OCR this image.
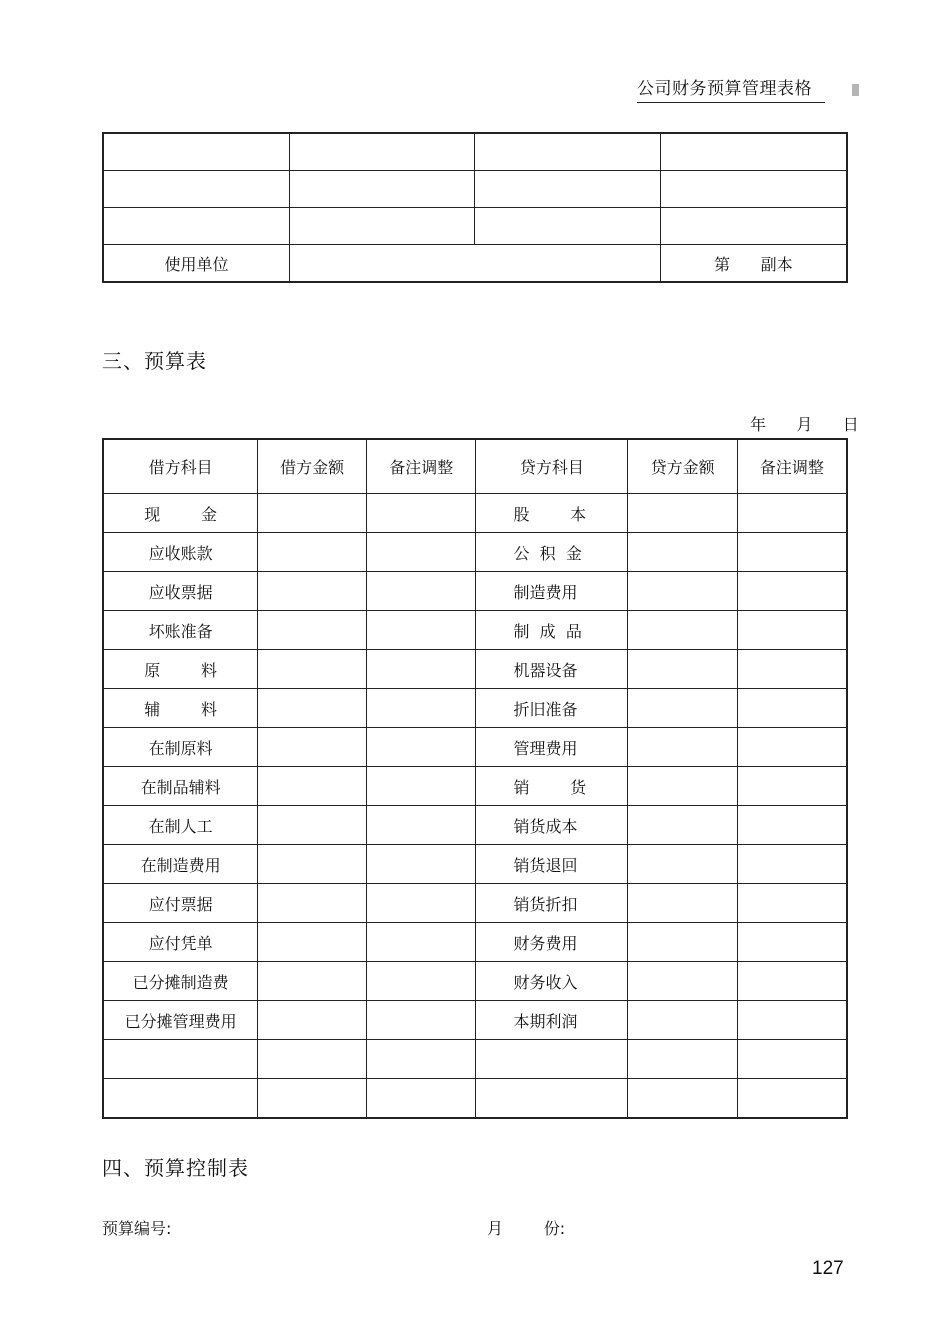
公司财务预算管理表格

使用单位			第      副本
三、预算表
年    月    日
借方科目	借方金额	备注调整	贷方科目	贷方金额	备注调整
现        金			股        本		
应收账款			公  积  金		
应收票据			制造费用		
坏账准备			制  成  品		
原        料			机器设备		
辅        料			折旧准备		
在制原料			管理费用		
在制品辅料			销        货		
在制人工			销货成本		
在制造费用			销货退回		
应付票据			销货折扣		
应付凭单			财务费用		
已分摊制造费			财务收入		
已分摊管理费用			本期利润		

四、预算控制表
预算编号:	月        份:
127
